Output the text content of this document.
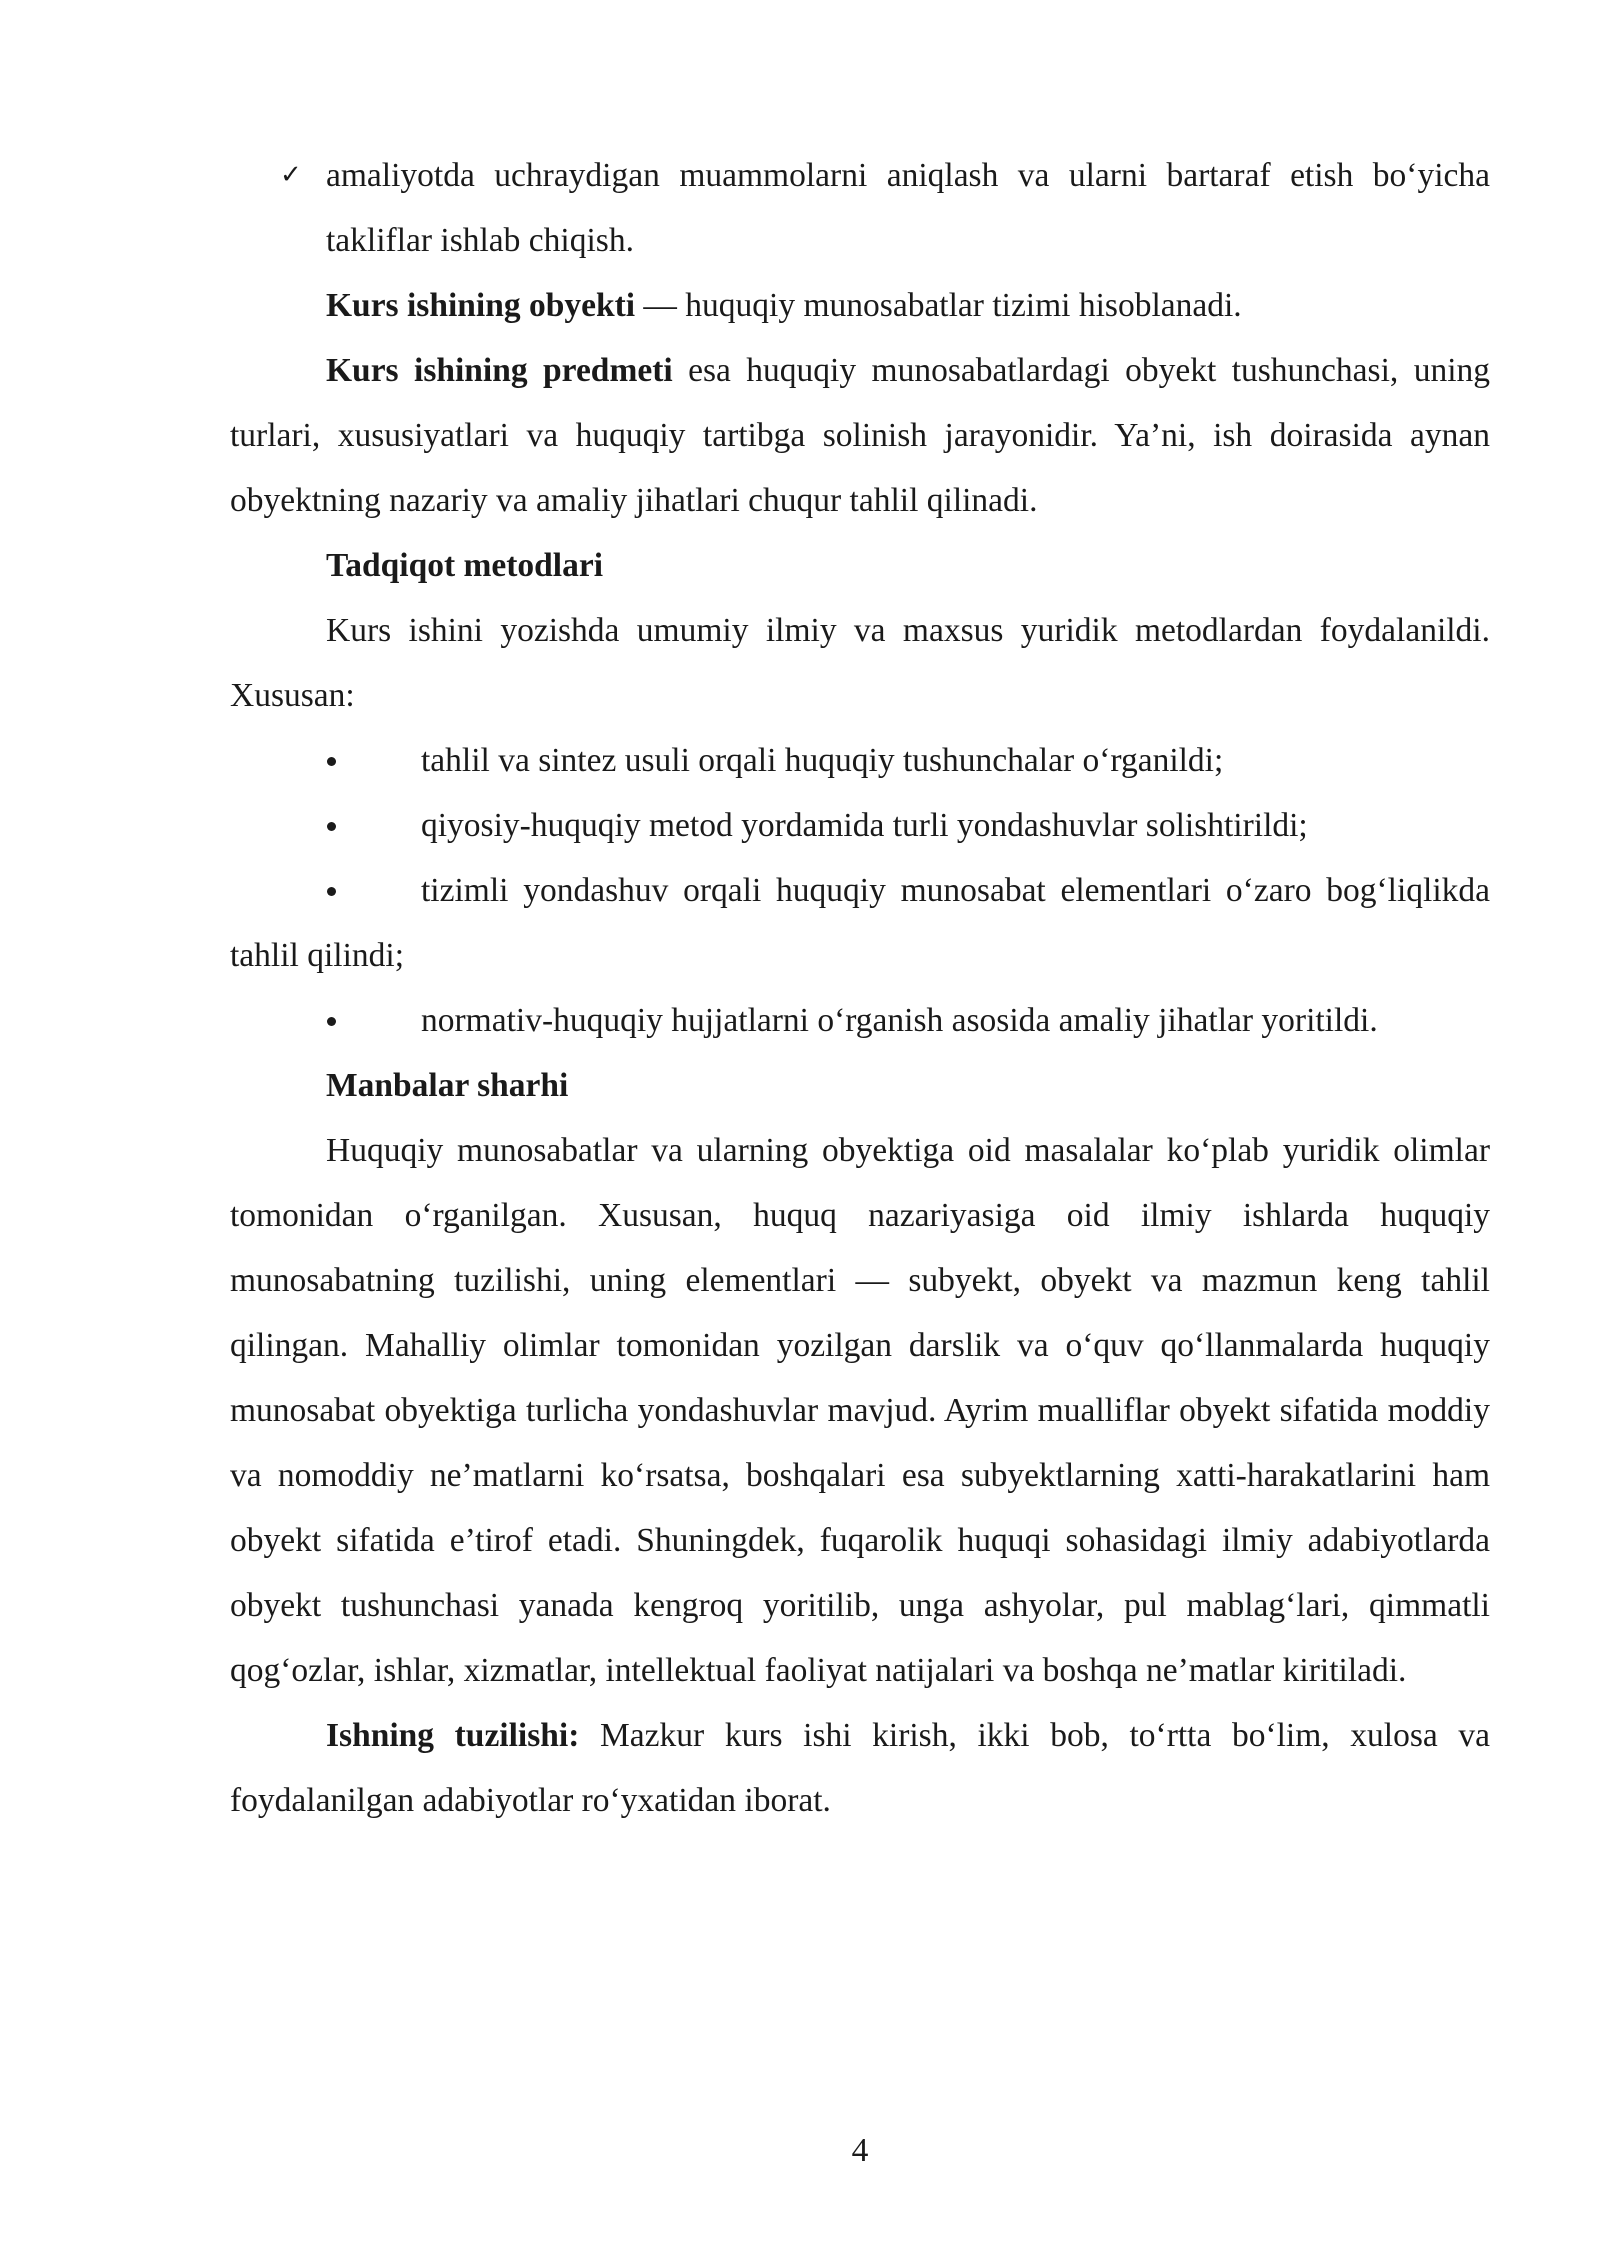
✓ amaliyotda uchraydigan muammolarni aniqlash va ularni bartaraf etish bo‘yicha takliflar ishlab chiqish.

Kurs ishining obyekti — huquqiy munosabatlar tizimi hisoblanadi.

Kurs ishining predmeti esa huquqiy munosabatlardagi obyekt tushunchasi, uning turlari, xususiyatlari va huquqiy tartibga solinish jarayonidir. Ya’ni, ish doirasida aynan obyektning nazariy va amaliy jihatlari chuqur tahlil qilinadi.

Tadqiqot metodlari

Kurs ishini yozishda umumiy ilmiy va maxsus yuridik metodlardan foydalanildi. Xususan:

tahlil va sintez usuli orqali huquqiy tushunchalar o‘rganildi;

qiyosiy-huquqiy metod yordamida turli yondashuvlar solishtirildi;

tizimli yondashuv orqali huquqiy munosabat elementlari o‘zaro bog‘liqlikda tahlil qilindi;

normativ-huquqiy hujjatlarni o‘rganish asosida amaliy jihatlar yoritildi.

Manbalar sharhi

Huquqiy munosabatlar va ularning obyektiga oid masalalar ko‘plab yuridik olimlar tomonidan o‘rganilgan. Xususan, huquq nazariyasiga oid ilmiy ishlarda huquqiy munosabatning tuzilishi, uning elementlari — subyekt, obyekt va mazmun keng tahlil qilingan. Mahalliy olimlar tomonidan yozilgan darslik va o‘quv qo‘llanmalarda huquqiy munosabat obyektiga turlicha yondashuvlar mavjud. Ayrim mualliflar obyekt sifatida moddiy va nomoddiy ne’matlarni ko‘rsatsa, boshqalari esa subyektlarning xatti-harakatlarini ham obyekt sifatida e’tirof etadi. Shuningdek, fuqarolik huquqi sohasidagi ilmiy adabiyotlarda obyekt tushunchasi yanada kengroq yoritilib, unga ashyolar, pul mablag‘lari, qimmatli qog‘ozlar, ishlar, xizmatlar, intellektual faoliyat natijalari va boshqa ne’matlar kiritiladi.

Ishning tuzilishi: Mazkur kurs ishi kirish, ikki bob, to‘rtta bo‘lim, xulosa va foydalanilgan adabiyotlar ro‘yxatidan iborat.

4
